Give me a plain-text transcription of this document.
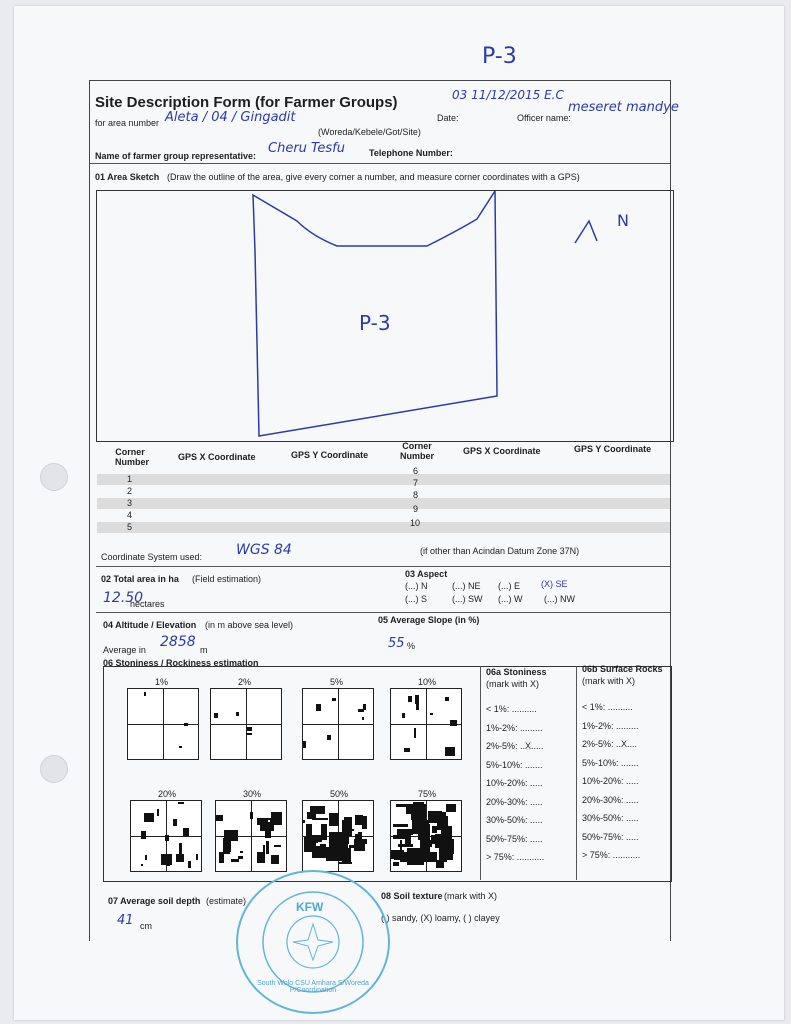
P-3
Site Description Form (for Farmer Groups)
for area number Aleta / 04 / Gingadit
(Woreda/Kebele/Got/Site)
Date:
03 11/12/2015 E.C
Officer name:
meseret mandye
Name of farmer group representative: Cheru Tesfu	Telephone Number:
01 Area Sketch (Draw the outline of the area, give every corner a number, and measure corner coordinates with a GPS)
P-3
N
Corner Number	GPS X Coordinate	GPS Y Coordinate
Corner Number	GPS X Coordinate	GPS Y Coordinate
1
2
3
4
5
6
7
8
9
10
Coordinate System used: WGS 84	(if other than Acindan Datum Zone 37N)
02 Total area in ha (Field estimation)
12.50
hectares
03 Aspect
(...) N	(...) NE (...) E (X) SE
(...) S	(...) SW (...) W (...) NW
04 Altitude / Elevation (in m above sea level)
Average in 2858 m
05 Average Slope (in %)
55 %
06 Stoniness / Rockiness estimation
1%	2%	5%	10%
20%	30%	50%	75%
06a Stoniness
(mark with X)
06b Surface Rocks
(mark with X)
< 1%: ..........
1%-2%: .........
2%-5%: ..X.....
5%-10%: .......
10%-20%: .....
20%-30%: .....
30%-50%: .....
50%-75%: .....
> 75%: ...........
< 1%: ..........
1%-2%: .........
2%-5%: ..X....
5%-10%: .......
10%-20%: .....
20%-30%: .....
30%-50%: .....
50%-75%: .....
> 75%: ...........
07 Average soil depth (estimate)
41 cm
08 Soil texture (mark with X)
( ) sandy, (X) loamy, ( ) clayey
KFW
South Wolo CSU Amhara S/Woreda P/Coordination
